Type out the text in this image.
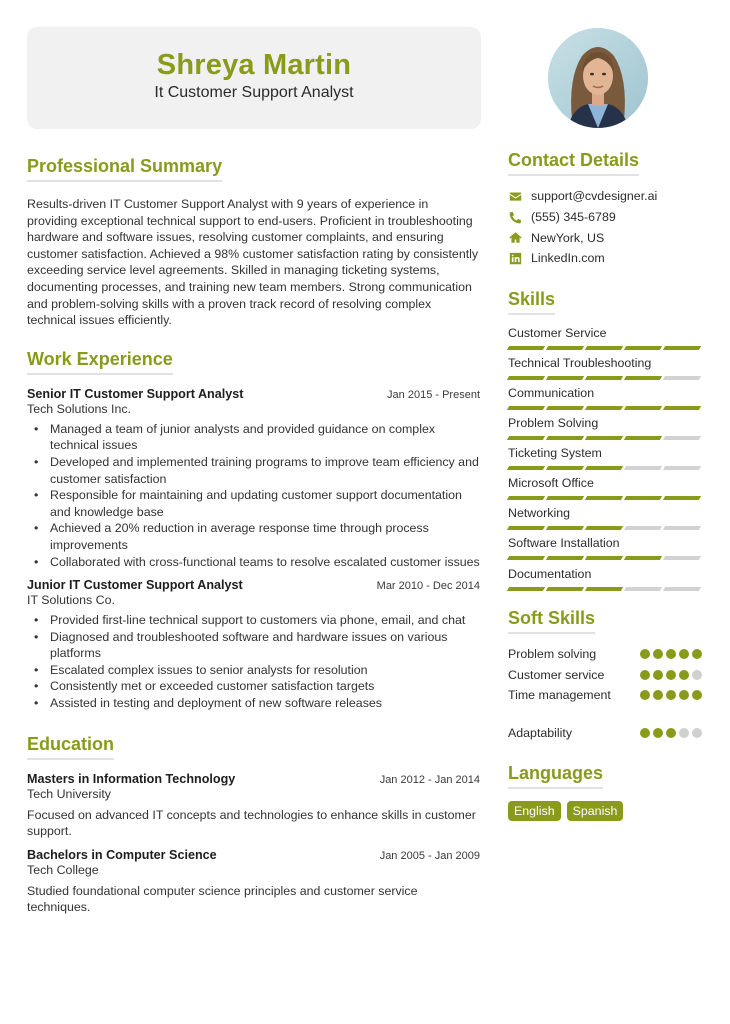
Shreya Martin
It Customer Support Analyst
Professional Summary

Results-driven IT Customer Support Analyst with 9 years of experience in providing exceptional technical support to end-users. Proficient in troubleshooting hardware and software issues, resolving customer complaints, and ensuring customer satisfaction. Achieved a 98% customer satisfaction rating by consistently exceeding service level agreements. Skilled in managing ticketing systems, documenting processes, and training new team members. Strong communication and problem-solving skills with a proven track record of resolving complex technical issues efficiently.

Work Experience
Senior IT Customer Support Analyst	Jan 2015 - Present
Tech Solutions Inc.
• Managed a team of junior analysts and provided guidance on complex technical issues
• Developed and implemented training programs to improve team efficiency and customer satisfaction
• Responsible for maintaining and updating customer support documentation and knowledge base
• Achieved a 20% reduction in average response time through process improvements
• Collaborated with cross-functional teams to resolve escalated customer issues
Junior IT Customer Support Analyst	Mar 2010 - Dec 2014
IT Solutions Co.
• Provided first-line technical support to customers via phone, email, and chat
• Diagnosed and troubleshooted software and hardware issues on various platforms
• Escalated complex issues to senior analysts for resolution
• Consistently met or exceeded customer satisfaction targets
• Assisted in testing and deployment of new software releases
Education
Masters in Information Technology	Jan 2012 - Jan 2014
Tech University

Focused on advanced IT concepts and technologies to enhance skills in customer support.

Bachelors in Computer Science	Jan 2005 - Jan 2009
Tech College

Studied foundational computer science principles and customer service techniques.

Contact Details
support@cvdesigner.ai
(555) 345-6789
NewYork, US
LinkedIn.com
Skills
Customer Service
Technical Troubleshooting
Communication
Problem Solving
Ticketing System
Microsoft Office
Networking
Software Installation
Documentation
Soft Skills
Problem solving
Customer service
Time management
Adaptability
Languages
English	Spanish
